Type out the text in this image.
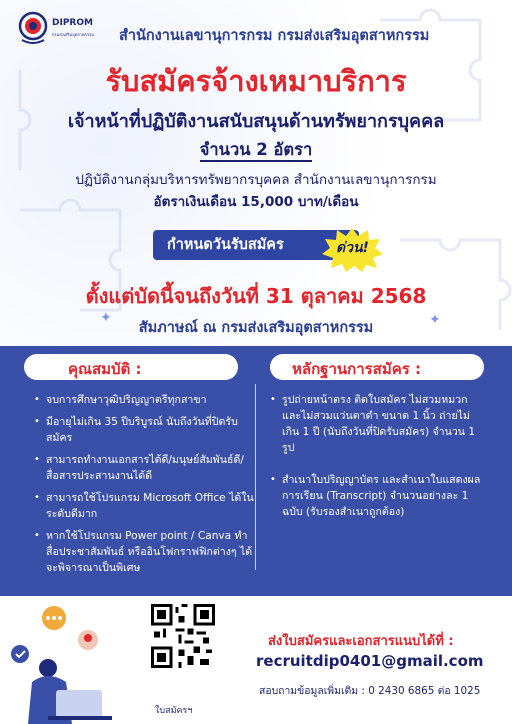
DIPROM
กรมส่งเสริมอุตสาหกรรม	สำนักงานเลขานุการกรม กรมส่งเสริมอุตสาหกรรม
รับสมัครจ้างเหมาบริการ
เจ้าหน้าที่ปฏิบัติงานสนับสนุนด้านทรัพยากรบุคคล
จำนวน 2 อัตรา
ปฏิบัติงานกลุ่มบริหารทรัพยากรบุคคล สำนักงานเลขานุการกรม
อัตราเงินเดือน 15,000 บาท/เดือน
กำหนดวันรับสมัคร	ด่วน!
ตั้งแต่บัดนี้จนถึงวันที่ 31 ตุลาคม 2568
✦	✦
สัมภาษณ์ ณ กรมส่งเสริมอุตสาหกรรม
คุณสมบัติ :	หลักฐานการสมัคร :
• จบการศึกษาวุฒิปริญญาตรีทุกสาขา
• มีอายุไม่เกิน 35 ปีบริบูรณ์ นับถึงวันที่ปิดรับสมัคร
• สามารถทำงานเอกสารได้ดี/มนุษย์สัมพันธ์ดี/สื่อสารประสานงานได้ดี
• สามารถใช้โปรแกรม Microsoft Office ได้ในระดับดีมาก
• หากใช้โปรแกรม Power point / Canva ทำสื่อประชาสัมพันธ์ หรืออินโฟกราฟฟิกต่างๆ ได้จะพิจารณาเป็นพิเศษ
• รูปถ่ายหน้าตรง ติดใบสมัคร ไม่สวมหมวก และไม่สวมแว่นตาดำ ขนาด 1 นิ้ว ถ่ายไม่เกิน 1 ปี (นับถึงวันที่ปิดรับสมัคร) จำนวน 1 รูป
• สำเนาใบปริญญาบัตร และสำเนาใบแสดงผลการเรียน (Transcript) จำนวนอย่างละ 1 ฉบับ (รับรองสำเนาถูกต้อง)
ใบสมัครฯ
ส่งใบสมัครและเอกสารแนบได้ที่ :
recruitdip0401@gmail.com
สอบถามข้อมูลเพิ่มเติม : 0 2430 6865 ต่อ 1025
